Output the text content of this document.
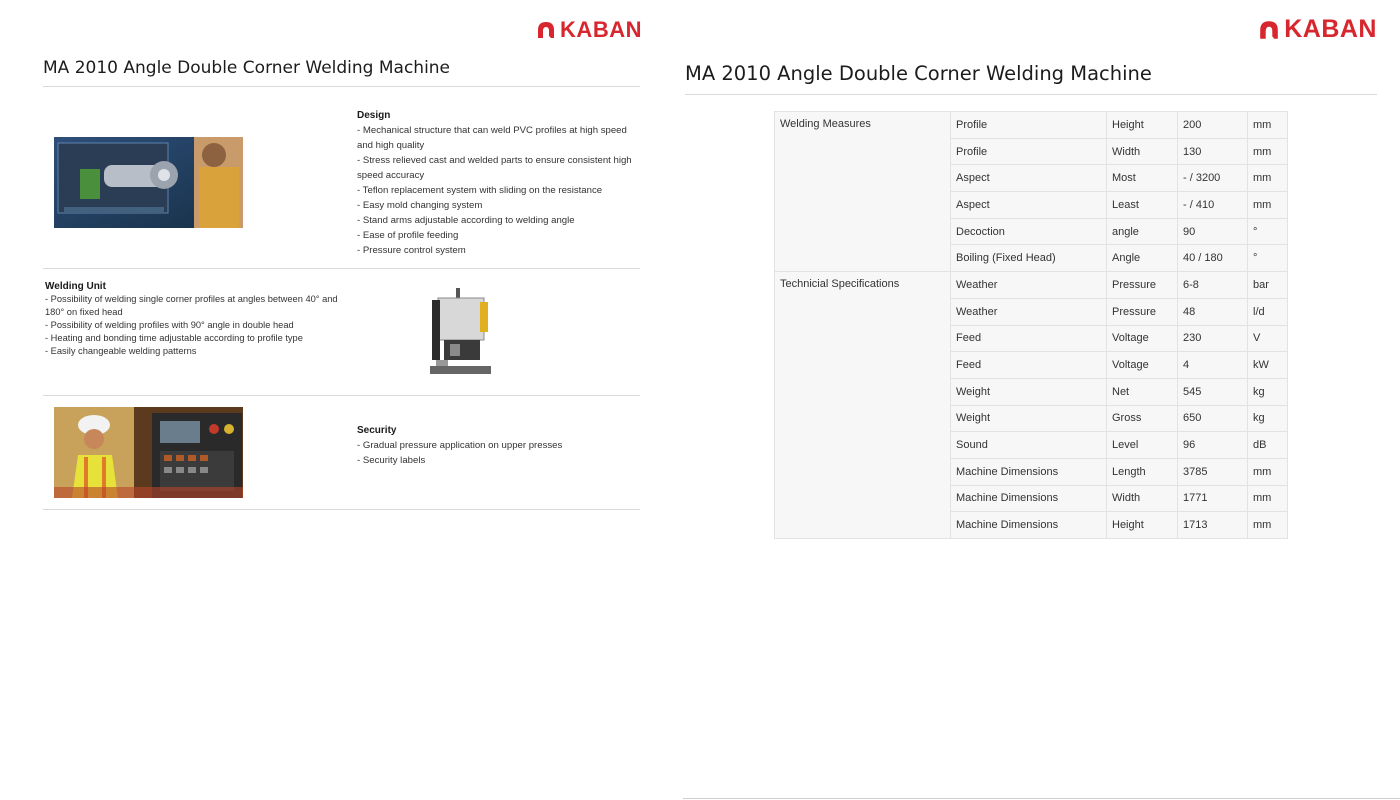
KABAN
MA 2010 Angle Double Corner Welding Machine
Design
- Mechanical structure that can weld PVC profiles at high speed and high quality
- Stress relieved cast and welded parts to ensure consistent high speed accuracy
- Teflon replacement system with sliding on the resistance
- Easy mold changing system
- Stand arms adjustable according to welding angle
- Ease of profile feeding
- Pressure control system
Welding Unit
- Possibility of welding single corner profiles at angles between 40° and 180° on fixed head
- Possibility of welding profiles with 90° angle in double head
- Heating and bonding time adjustable according to profile type
- Easily changeable welding patterns
Security
- Gradual pressure application on upper presses
- Security labels
KABAN
MA 2010 Angle Double Corner Welding Machine
Welding Measures	Profile	Height	200	mm
	Profile	Width	130	mm
	Aspect	Most	- / 3200	mm
	Aspect	Least	- / 410	mm
	Decoction	angle	90	°
	Boiling (Fixed Head)	Angle	40 / 180	°
Technicial Specifications	Weather	Pressure	6-8	bar
	Weather	Pressure	48	l/d
	Feed	Voltage	230	V
	Feed	Voltage	4	kW
	Weight	Net	545	kg
	Weight	Gross	650	kg
	Sound	Level	96	dB
	Machine Dimensions	Length	3785	mm
	Machine Dimensions	Width	1771	mm
	Machine Dimensions	Height	1713	mm
